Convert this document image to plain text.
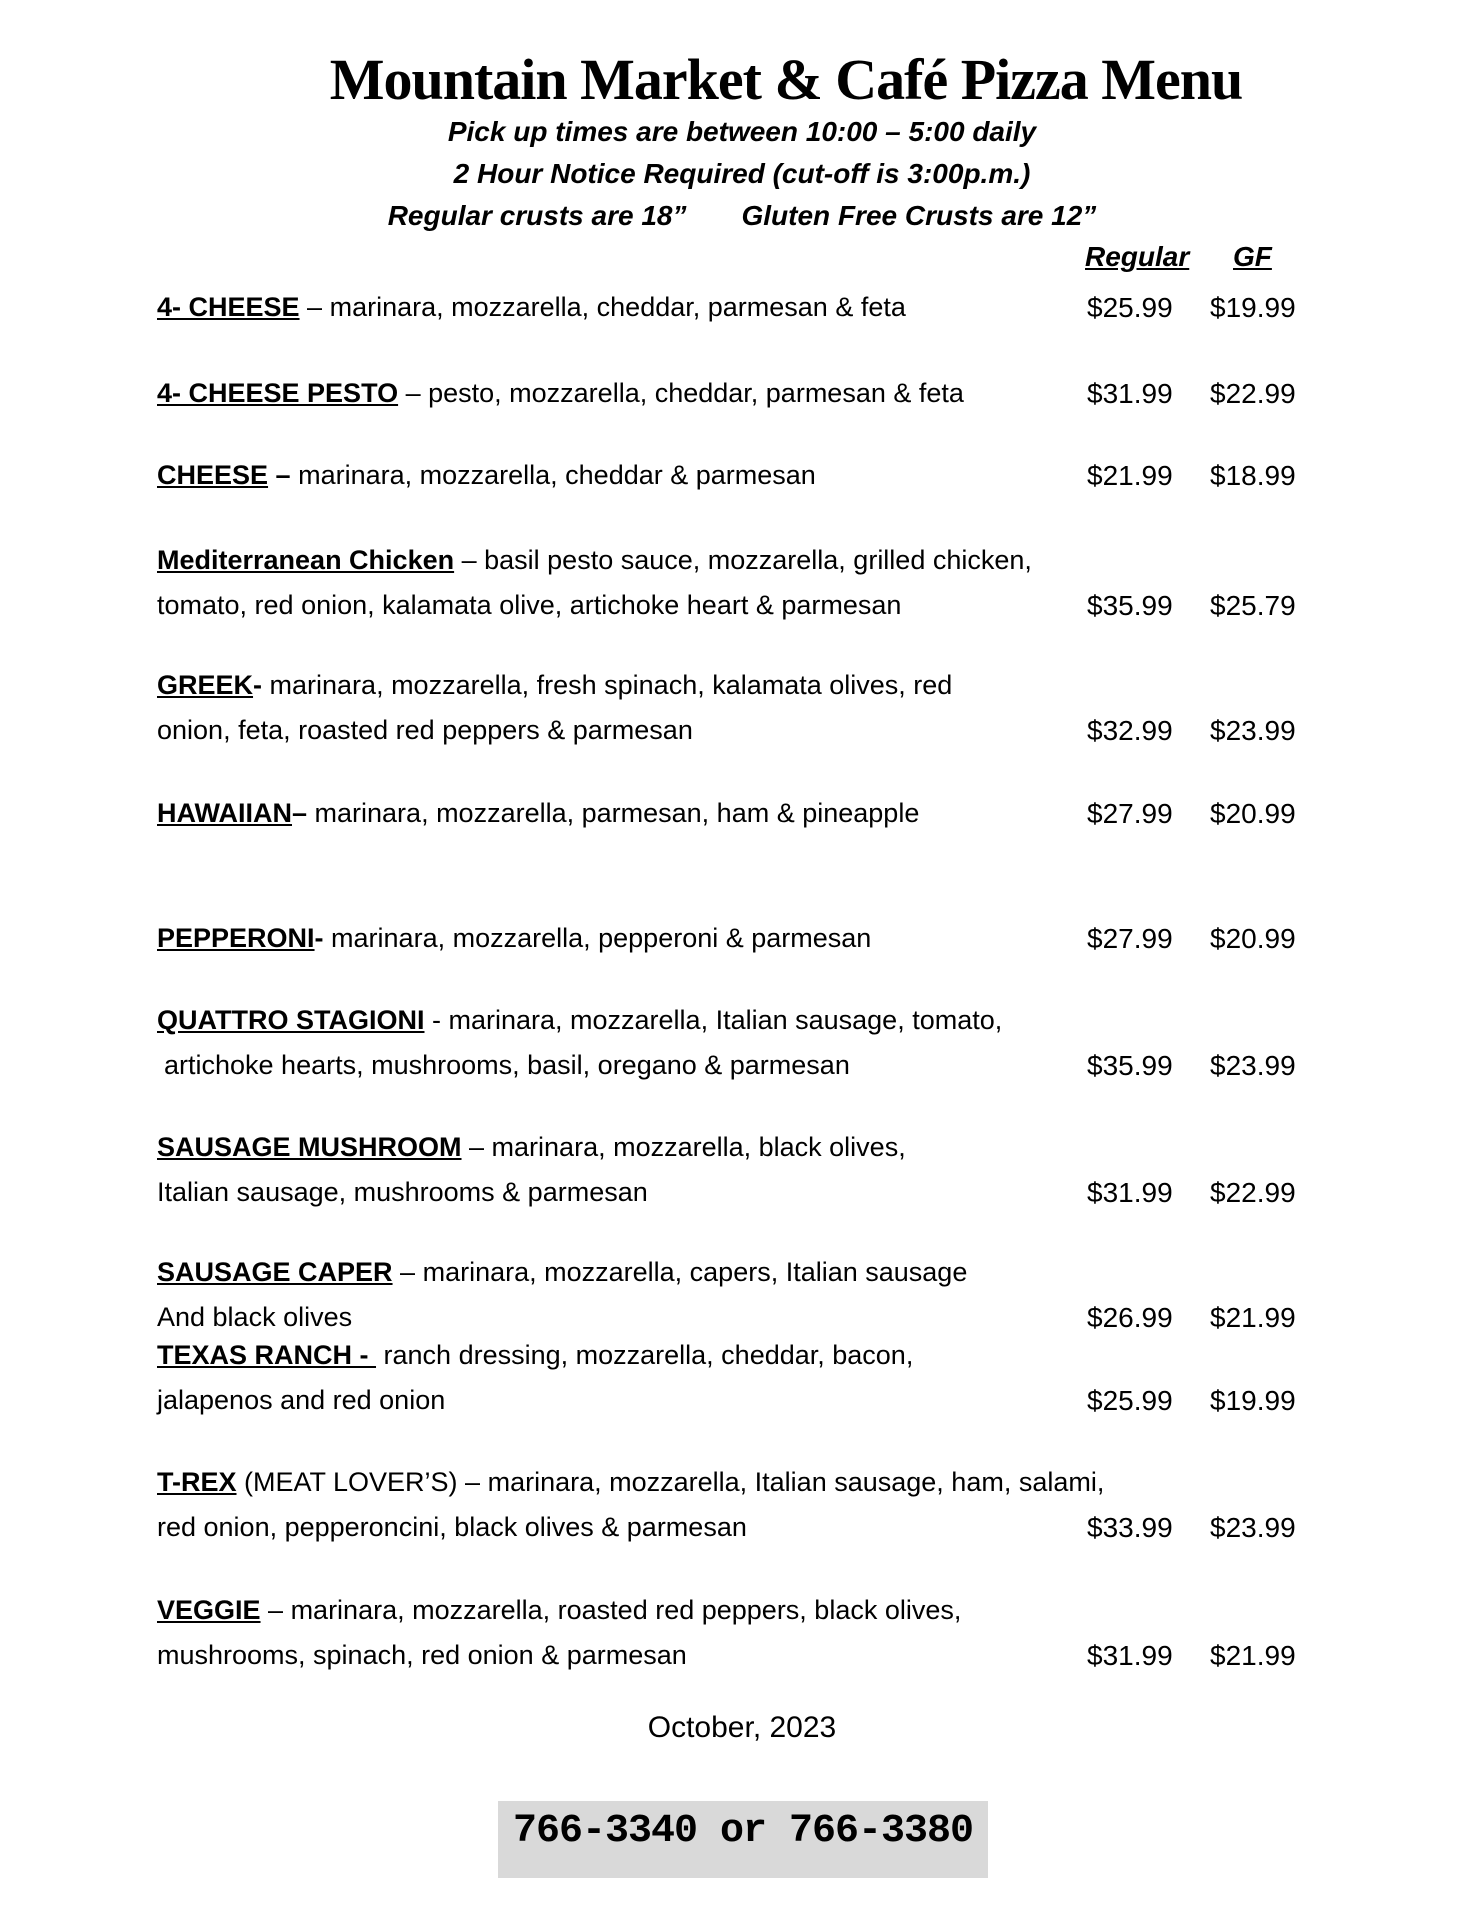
Mountain Market & Café Pizza Menu
Pick up times are between 10:00 – 5:00 daily
2 Hour Notice Required (cut-off is 3:00p.m.)
Regular crusts are 18” Gluten Free Crusts are 12”
Regular GF
4- CHEESE – marinara, mozzarella, cheddar, parmesan & feta	$25.99 $19.99
4- CHEESE PESTO – pesto, mozzarella, cheddar, parmesan & feta	$31.99 $22.99
CHEESE – marinara, mozzarella, cheddar & parmesan	$21.99 $18.99
Mediterranean Chicken – basil pesto sauce, mozzarella, grilled chicken,
tomato, red onion, kalamata olive, artichoke heart & parmesan	$35.99 $25.79
GREEK- marinara, mozzarella, fresh spinach, kalamata olives, red
onion, feta, roasted red peppers & parmesan	$32.99 $23.99
HAWAIIAN– marinara, mozzarella, parmesan, ham & pineapple	$27.99 $20.99
PEPPERONI- marinara, mozzarella, pepperoni & parmesan	$27.99 $20.99
QUATTRO STAGIONI - marinara, mozzarella, Italian sausage, tomato,
artichoke hearts, mushrooms, basil, oregano & parmesan	$35.99 $23.99
SAUSAGE MUSHROOM – marinara, mozzarella, black olives,
Italian sausage, mushrooms & parmesan	$31.99 $22.99
SAUSAGE CAPER – marinara, mozzarella, capers, Italian sausage
And black olives	$26.99 $21.99
TEXAS RANCH -  ranch dressing, mozzarella, cheddar, bacon,
jalapenos and red onion	$25.99 $19.99
T-REX (MEAT LOVER’S) – marinara, mozzarella, Italian sausage, ham, salami,
red onion, pepperoncini, black olives & parmesan	$33.99 $23.99
VEGGIE – marinara, mozzarella, roasted red peppers, black olives,
mushrooms, spinach, red onion & parmesan	$31.99 $21.99
October, 2023
766-3340 or 766-3380
